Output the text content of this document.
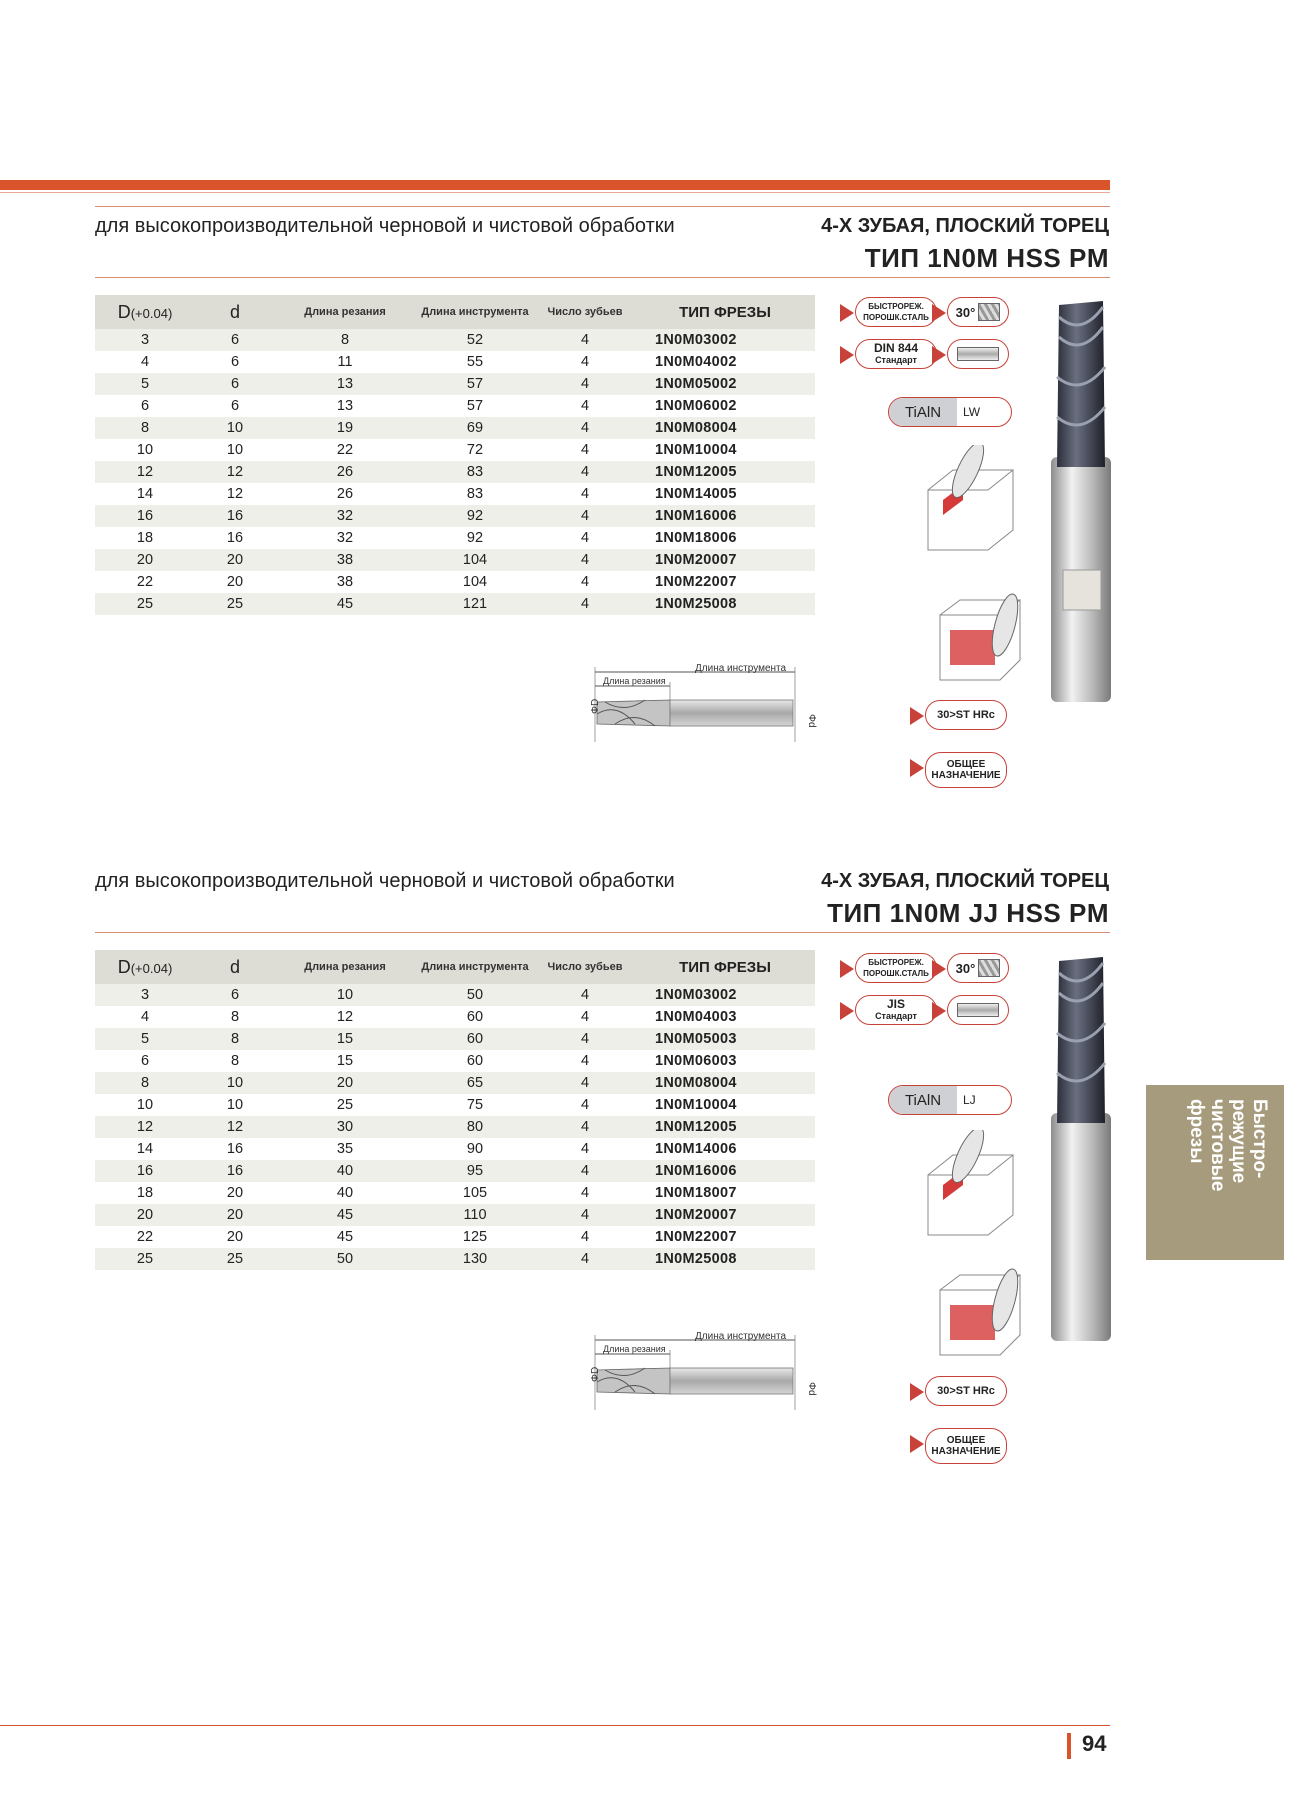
для высокопроизводительной черновой и чистовой обработки	4-Х ЗУБАЯ, ПЛОСКИЙ ТОРЕЦ
ТИП 1N0M HSS PM
D(+0.04)	d	Длина резания	Длина инструмента	Число зубьев	ТИП ФРЕЗЫ
3	6	8	52	4	1N0M03002
4	6	11	55	4	1N0M04002
5	6	13	57	4	1N0M05002
6	6	13	57	4	1N0M06002
8	10	19	69	4	1N0M08004
10	10	22	72	4	1N0M10004
12	12	26	83	4	1N0M12005
14	12	26	83	4	1N0M14005
16	16	32	92	4	1N0M16006
18	16	32	92	4	1N0M18006
20	20	38	104	4	1N0M20007
22	20	38	104	4	1N0M22007
25	25	45	121	4	1N0M25008
Длина инструмента
Длина резания
ΦD
Φd
БЫСТРОРЕЖ. ПОРОШК.СТАЛЬ	30°
DIN 844
Стандарт
TiAlN	LW
30>ST HRc
ОБЩЕЕ НАЗНАЧЕНИЕ
для высокопроизводительной черновой и чистовой обработки	4-Х ЗУБАЯ, ПЛОСКИЙ ТОРЕЦ
ТИП 1N0M JJ HSS PM
D(+0.04)	d	Длина резания	Длина инструмента	Число зубьев	ТИП ФРЕЗЫ
3	6	10	50	4	1N0M03002
4	8	12	60	4	1N0M04003
5	8	15	60	4	1N0M05003
6	8	15	60	4	1N0M06003
8	10	20	65	4	1N0M08004
10	10	25	75	4	1N0M10004
12	12	30	80	4	1N0M12005
14	16	35	90	4	1N0M14006
16	16	40	95	4	1N0M16006
18	20	40	105	4	1N0M18007
20	20	45	110	4	1N0M20007
22	20	45	125	4	1N0M22007
25	25	50	130	4	1N0M25008
Длина инструмента
Длина резания
ΦD
Φd
БЫСТРОРЕЖ. ПОРОШК.СТАЛЬ	30°
JIS
Стандарт
TiAlN	LJ
30>ST HRc
ОБЩЕЕ НАЗНАЧЕНИЕ
Быстро-
режущие
чистовые
фрезы
94
